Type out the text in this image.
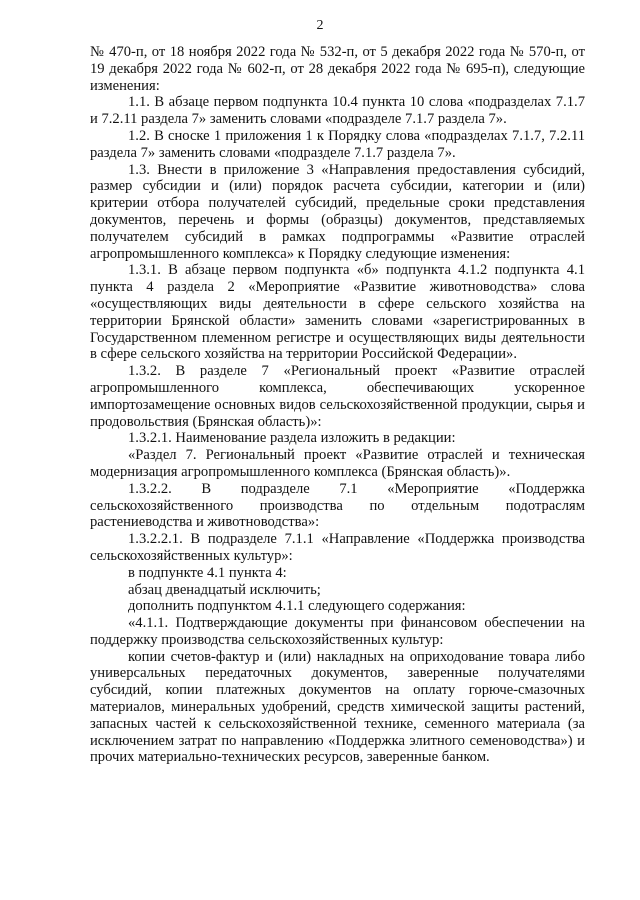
2

№ 470-п, от 18 ноября 2022 года № 532-п, от 5 декабря 2022 года № 570-п, от 19 декабря 2022 года № 602-п, от 28 декабря 2022 года № 695-п), следующие изменения:

1.1. В абзаце первом подпункта 10.4 пункта 10 слова «подразделах 7.1.7 и 7.2.11 раздела 7» заменить словами «подразделе 7.1.7 раздела 7».

1.2. В сноске 1 приложения 1 к Порядку слова «подразделах 7.1.7, 7.2.11 раздела 7» заменить словами «подразделе 7.1.7 раздела 7».

1.3. Внести в приложение 3 «Направления предоставления субсидий, размер субсидии и (или) порядок расчета субсидии, категории и (или) критерии отбора получателей субсидий, предельные сроки представления документов, перечень и формы (образцы) документов, представляемых получателем субсидий в рамках подпрограммы «Развитие отраслей агропромышленного комплекса» к Порядку следующие изменения:

1.3.1. В абзаце первом подпункта «б» подпункта 4.1.2 подпункта 4.1 пункта 4 раздела 2 «Мероприятие «Развитие животноводства» слова «осуществляющих виды деятельности в сфере сельского хозяйства на территории Брянской области» заменить словами «зарегистрированных в Государственном племенном регистре и осуществляющих виды деятельности в сфере сельского хозяйства на территории Российской Федерации».

1.3.2. В разделе 7 «Региональный проект «Развитие отраслей агропромышленного комплекса, обеспечивающих ускоренное импортозамещение основных видов сельскохозяйственной продукции, сырья и продовольствия (Брянская область)»:

1.3.2.1. Наименование раздела изложить в редакции:

«Раздел 7. Региональный проект «Развитие отраслей и техническая модернизация агропромышленного комплекса (Брянская область)».

1.3.2.2. В подразделе 7.1 «Мероприятие «Поддержка сельскохозяйственного производства по отдельным подотраслям растениеводства и животноводства»:

1.3.2.2.1. В подразделе 7.1.1 «Направление «Поддержка производства сельскохозяйственных культур»:

в подпункте 4.1 пункта 4:

абзац двенадцатый исключить;

дополнить подпунктом 4.1.1 следующего содержания:

«4.1.1. Подтверждающие документы при финансовом обеспечении на поддержку производства сельскохозяйственных культур:

копии счетов-фактур и (или) накладных на оприходование товара либо универсальных передаточных документов, заверенные получателями субсидий, копии платежных документов на оплату горюче-смазочных материалов, минеральных удобрений, средств химической защиты растений, запасных частей к сельскохозяйственной технике, семенного материала (за исключением затрат по направлению «Поддержка элитного семеноводства») и прочих материально-технических ресурсов, заверенные банком.
